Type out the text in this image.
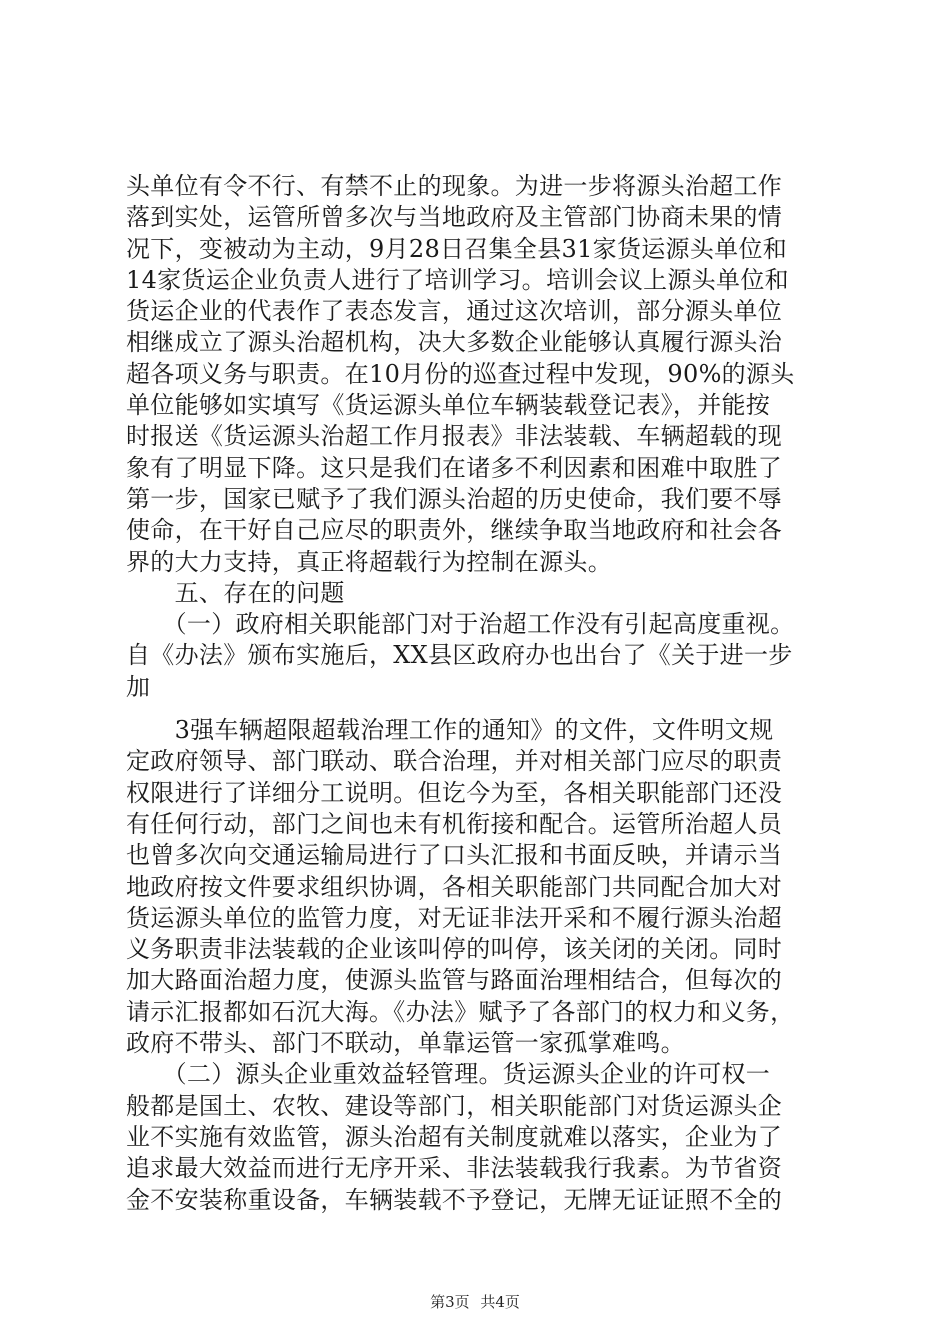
头单位有令不行、有禁不止的现象。为进一步将源头治超工作
落到实处，运管所曾多次与当地政府及主管部门协商未果的情
况下，变被动为主动，9月28日召集全县31家货运源头单位和
14家货运企业负责人进行了培训学习。培训会议上源头单位和
货运企业的代表作了表态发言，通过这次培训，部分源头单位
相继成立了源头治超机构，决大多数企业能够认真履行源头治
超各项义务与职责。在10月份的巡查过程中发现，90%的源头
单位能够如实填写《货运源头单位车辆装载登记表》，并能按
时报送《货运源头治超工作月报表》非法装载、车辆超载的现
象有了明显下降。这只是我们在诸多不利因素和困难中取胜了
第一步，国家已赋予了我们源头治超的历史使命，我们要不辱
使命，在干好自己应尽的职责外，继续争取当地政府和社会各
界的大力支持，真正将超载行为控制在源头。
　　五、存在的问题
　　（一）政府相关职能部门对于治超工作没有引起高度重视。
自《办法》颁布实施后，XX县区政府办也出台了《关于进一步
加
　　3强车辆超限超载治理工作的通知》的文件，文件明文规
定政府领导、部门联动、联合治理，并对相关部门应尽的职责
权限进行了详细分工说明。但讫今为至，各相关职能部门还没
有任何行动，部门之间也未有机衔接和配合。运管所治超人员
也曾多次向交通运输局进行了口头汇报和书面反映，并请示当
地政府按文件要求组织协调，各相关职能部门共同配合加大对
货运源头单位的监管力度，对无证非法开采和不履行源头治超
义务职责非法装载的企业该叫停的叫停，该关闭的关闭。同时
加大路面治超力度，使源头监管与路面治理相结合，但每次的
请示汇报都如石沉大海。《办法》赋予了各部门的权力和义务，
政府不带头、部门不联动，单靠运管一家孤掌难鸣。
　　（二）源头企业重效益轻管理。货运源头企业的许可权一
般都是国土、农牧、建设等部门，相关职能部门对货运源头企
业不实施有效监管，源头治超有关制度就难以落实，企业为了
追求最大效益而进行无序开采、非法装载我行我素。为节省资
金不安装称重设备，车辆装载不予登记，无牌无证证照不全的
第3页 共4页
